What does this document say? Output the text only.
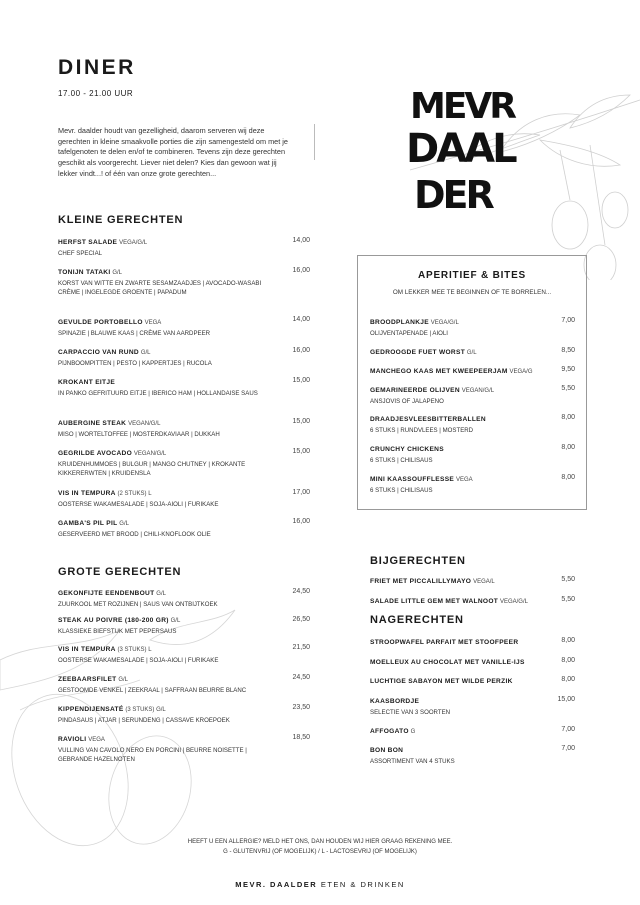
DINER
17.00 - 21.00 UUR

Mevr. daalder houdt van gezelligheid, daarom serveren wij deze gerechten in kleine smaakvolle porties die zijn samengesteld om met je tafelgenoten te delen en/of te combineren. Tevens zijn deze gerechten geschikt als voorgerecht. Liever niet delen? Kies dan gewoon wat jij lekker vindt...! of één van onze grote gerechten...

MEVR
DAAL
DER
KLEINE GERECHTEN
HERFST SALADE VEGA/G/L
CHEF SPECIAL
14,00
TONIJN TATAKI G/L
KORST VAN WITTE EN ZWARTE SESAMZAADJES | AVOCADO-WASABI CRÈME | INGELEGDE GROENTE | PAPADUM
16,00
GEVULDE PORTOBELLO VEGA
SPINAZIE | BLAUWE KAAS | CRÈME VAN AARDPEER
14,00
CARPACCIO VAN RUND G/L
PIJNBOOMPITTEN | PESTO | KAPPERTJES | RUCOLA
16,00
KROKANT EITJE
IN PANKO GEFRITUURD EITJE | IBERICO HAM | HOLLANDAISE SAUS
15,00
AUBERGINE STEAK VEGAN/G/L
MISO | WORTELTOFFEE | MOSTERDKAVIAAR | DUKKAH
15,00
GEGRILDE AVOCADO VEGAN/G/L
KRUIDENHUMMOES | BULGUR | MANGO CHUTNEY | KROKANTE KIKKERERWTEN | KRUIDENSLA
15,00
VIS IN TEMPURA (2 STUKS) L
OOSTERSE WAKAMESALADE | SOJA-AIOLI | FURIKAKE
17,00
GAMBA'S PIL PIL G/L
GESERVEERD MET BROOD | CHILI-KNOFLOOK OLIE
16,00
GROTE GERECHTEN
GEKONFIJTE EENDENBOUT G/L
ZUURKOOL MET ROZIJNEN | SAUS VAN ONTBIJTKOEK
24,50
STEAK AU POIVRE (180-200 GR) G/L
KLASSIEKE BIEFSTUK MET PEPERSAUS
26,50
VIS IN TEMPURA (3 STUKS) L
OOSTERSE WAKAMESALADE | SOJA-AIOLI | FURIKAKE
21,50
ZEEBAARSFILET G/L
GESTOOMDE VENKEL | ZEEKRAAL | SAFFRAAN BEURRE BLANC
24,50
KIPPENDIJENSATÉ (3 STUKS) G/L
PINDASAUS | ATJAR | SERUNDENG | CASSAVE KROEPOEK
23,50
RAVIOLI VEGA
VULLING VAN CAVOLO NERO EN PORCINI | BEURRE NOISETTE | GEBRANDE HAZELNOTEN
18,50
APERITIEF & BITES
OM LEKKER MEE TE BEGINNEN OF TE BORRELEN...
BROODPLANKJE VEGA/G/L
OLIJVENTAPENADE | AIOLI
7,00
GEDROOGDE FUET WORST G/L	8,50
MANCHEGO KAAS MET KWEEPEERJAM VEGA/G	9,50
GEMARINEERDE OLIJVEN VEGAN/G/L
ANSJOVIS OF JALAPENO
5,50
DRAADJESVLEESBITTERBALLEN
6 STUKS | RUNDVLEES | MOSTERD
8,00
CRUNCHY CHICKENS
6 STUKS | CHILISAUS
8,00
MINI KAASSOUFFLESSE VEGA
6 STUKS | CHILISAUS
8,00
BIJGERECHTEN
FRIET MET PICCALILLYMAYO VEGA/L	5,50
SALADE LITTLE GEM MET WALNOOT VEGA/G/L	5,50
NAGERECHTEN
STROOPWAFEL PARFAIT MET STOOFPEER	8,00
MOELLEUX AU CHOCOLAT MET VANILLE-IJS	8,00
LUCHTIGE SABAYON MET WILDE PERZIK	8,00
KAASBORDJE
SELECTIE VAN 3 SOORTEN
15,00
AFFOGATO G	7,00
BON BON
ASSORTIMENT VAN 4 STUKS
7,00
HEEFT U EEN ALLERGIE? MELD HET ONS, DAN HOUDEN WIJ HIER GRAAG REKENING MEE.
G - GLUTENVRIJ (OF MOGELIJK) / L - LACTOSEVRIJ (OF MOGELIJK)
MEVR. DAALDER ETEN & DRINKEN
